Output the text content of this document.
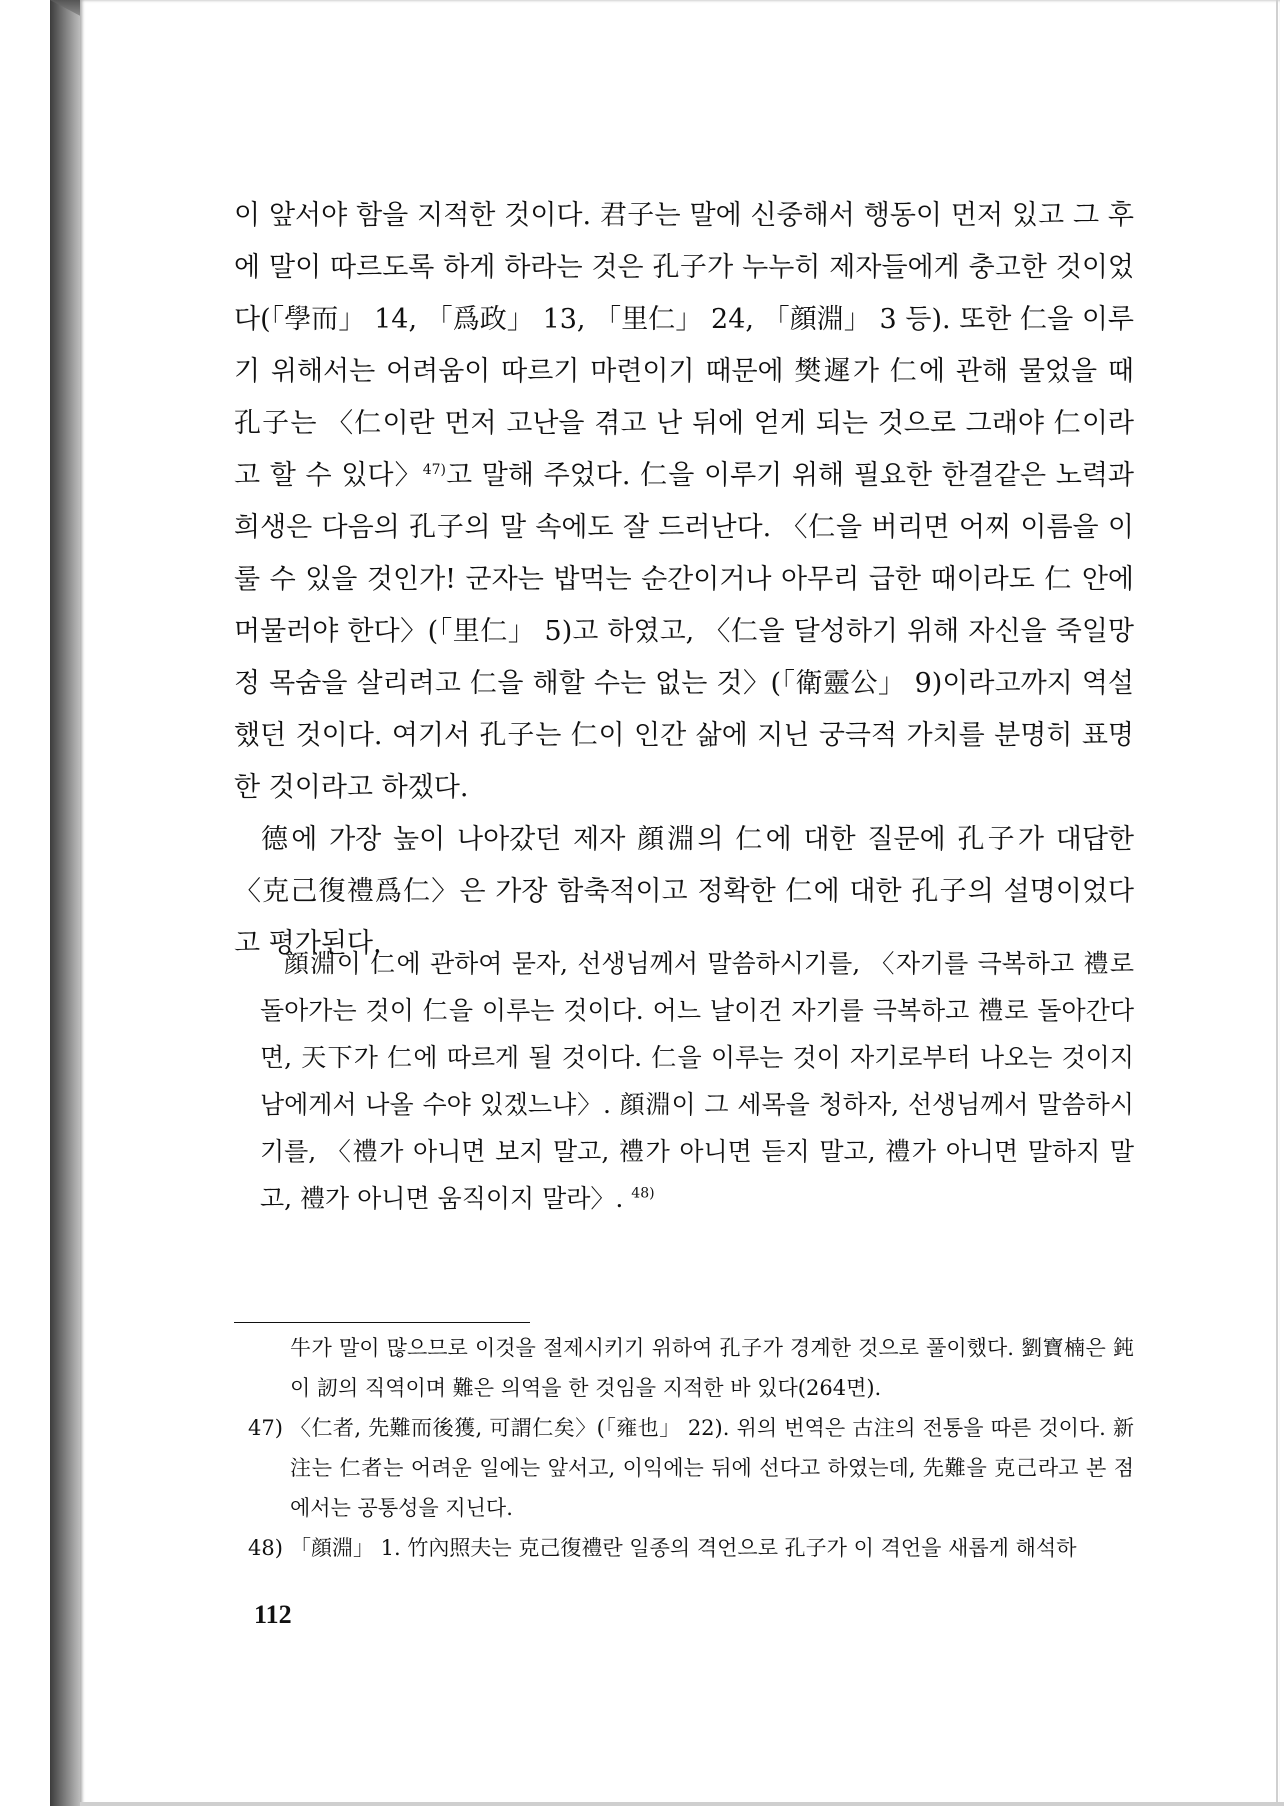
이 앞서야 함을 지적한 것이다. 君子는 말에 신중해서 행동이 먼저 있고 그 후에 말이 따르도록 하게 하라는 것은 孔子가 누누히 제자들에게 충고한 것이었다(「學而」 14, 「爲政」 13, 「里仁」 24, 「顔淵」 3 등). 또한 仁을 이루기 위해서는 어려움이 따르기 마련이기 때문에 樊遲가 仁에 관해 물었을 때 孔子는 〈仁이란 먼저 고난을 겪고 난 뒤에 얻게 되는 것으로 그래야 仁이라 고 할 수 있다〉$^{47)}$고 말해 주었다. 仁을 이루기 위해 필요한 한결같은 노력과 희생은 다음의 孔子의 말 속에도 잘 드러난다. 〈仁을 버리면 어찌 이름을 이룰 수 있을 것인가! 군자는 밥먹는 순간이거나 아무리 급한 때이라도 仁 안에 머물러야 한다〉(「里仁」 5)고 하였고, 〈仁을 달성하기 위해 자신을 죽일망정 목숨을 살리려고 仁을 해할 수는 없는 것〉(「衛靈公」 9)이라고까지 역설했던 것이다. 여기서 孔子는 仁이 인간 삶에 지닌 궁극적 가치를 분명히 표명한 것이라고 하겠다.

德에 가장 높이 나아갔던 제자 顔淵의 仁에 대한 질문에 孔子가 대답한 〈克己復禮爲仁〉은 가장 함축적이고 정확한 仁에 대한 孔子의 설명이었다고 평가된다.

顔淵이 仁에 관하여 묻자, 선생님께서 말씀하시기를, 〈자기를 극복하고 禮로 돌아가는 것이 仁을 이루는 것이다. 어느 날이건 자기를 극복하고 禮로 돌아간다면, 天下가 仁에 따르게 될 것이다. 仁을 이루는 것이 자기로부터 나오는 것이지 남에게서 나올 수야 있겠느냐〉. 顔淵이 그 세목을 청하자, 선생님께서 말씀하시기를, 〈禮가 아니면 보지 말고, 禮가 아니면 듣지 말고, 禮가 아니면 말하지 말고, 禮가 아니면 움직이지 말라〉. $^{48)}$

牛가 말이 많으므로 이것을 절제시키기 위하여 孔子가 경계한 것으로 풀이했다. 劉寶楠은 鈍이 訒의 직역이며 難은 의역을 한 것임을 지적한 바 있다(264면).
47) 〈仁者, 先難而後獲, 可謂仁矣〉(「雍也」 22). 위의 번역은 古注의 전통을 따른 것이다. 新注는 仁者는 어려운 일에는 앞서고, 이익에는 뒤에 선다고 하였는데, 先難을 克己라고 본 점에서는 공통성을 지닌다.
48) 「顔淵」 1. 竹內照夫는 克己復禮란 일종의 격언으로 孔子가 이 격언을 새롭게 해석하
112
